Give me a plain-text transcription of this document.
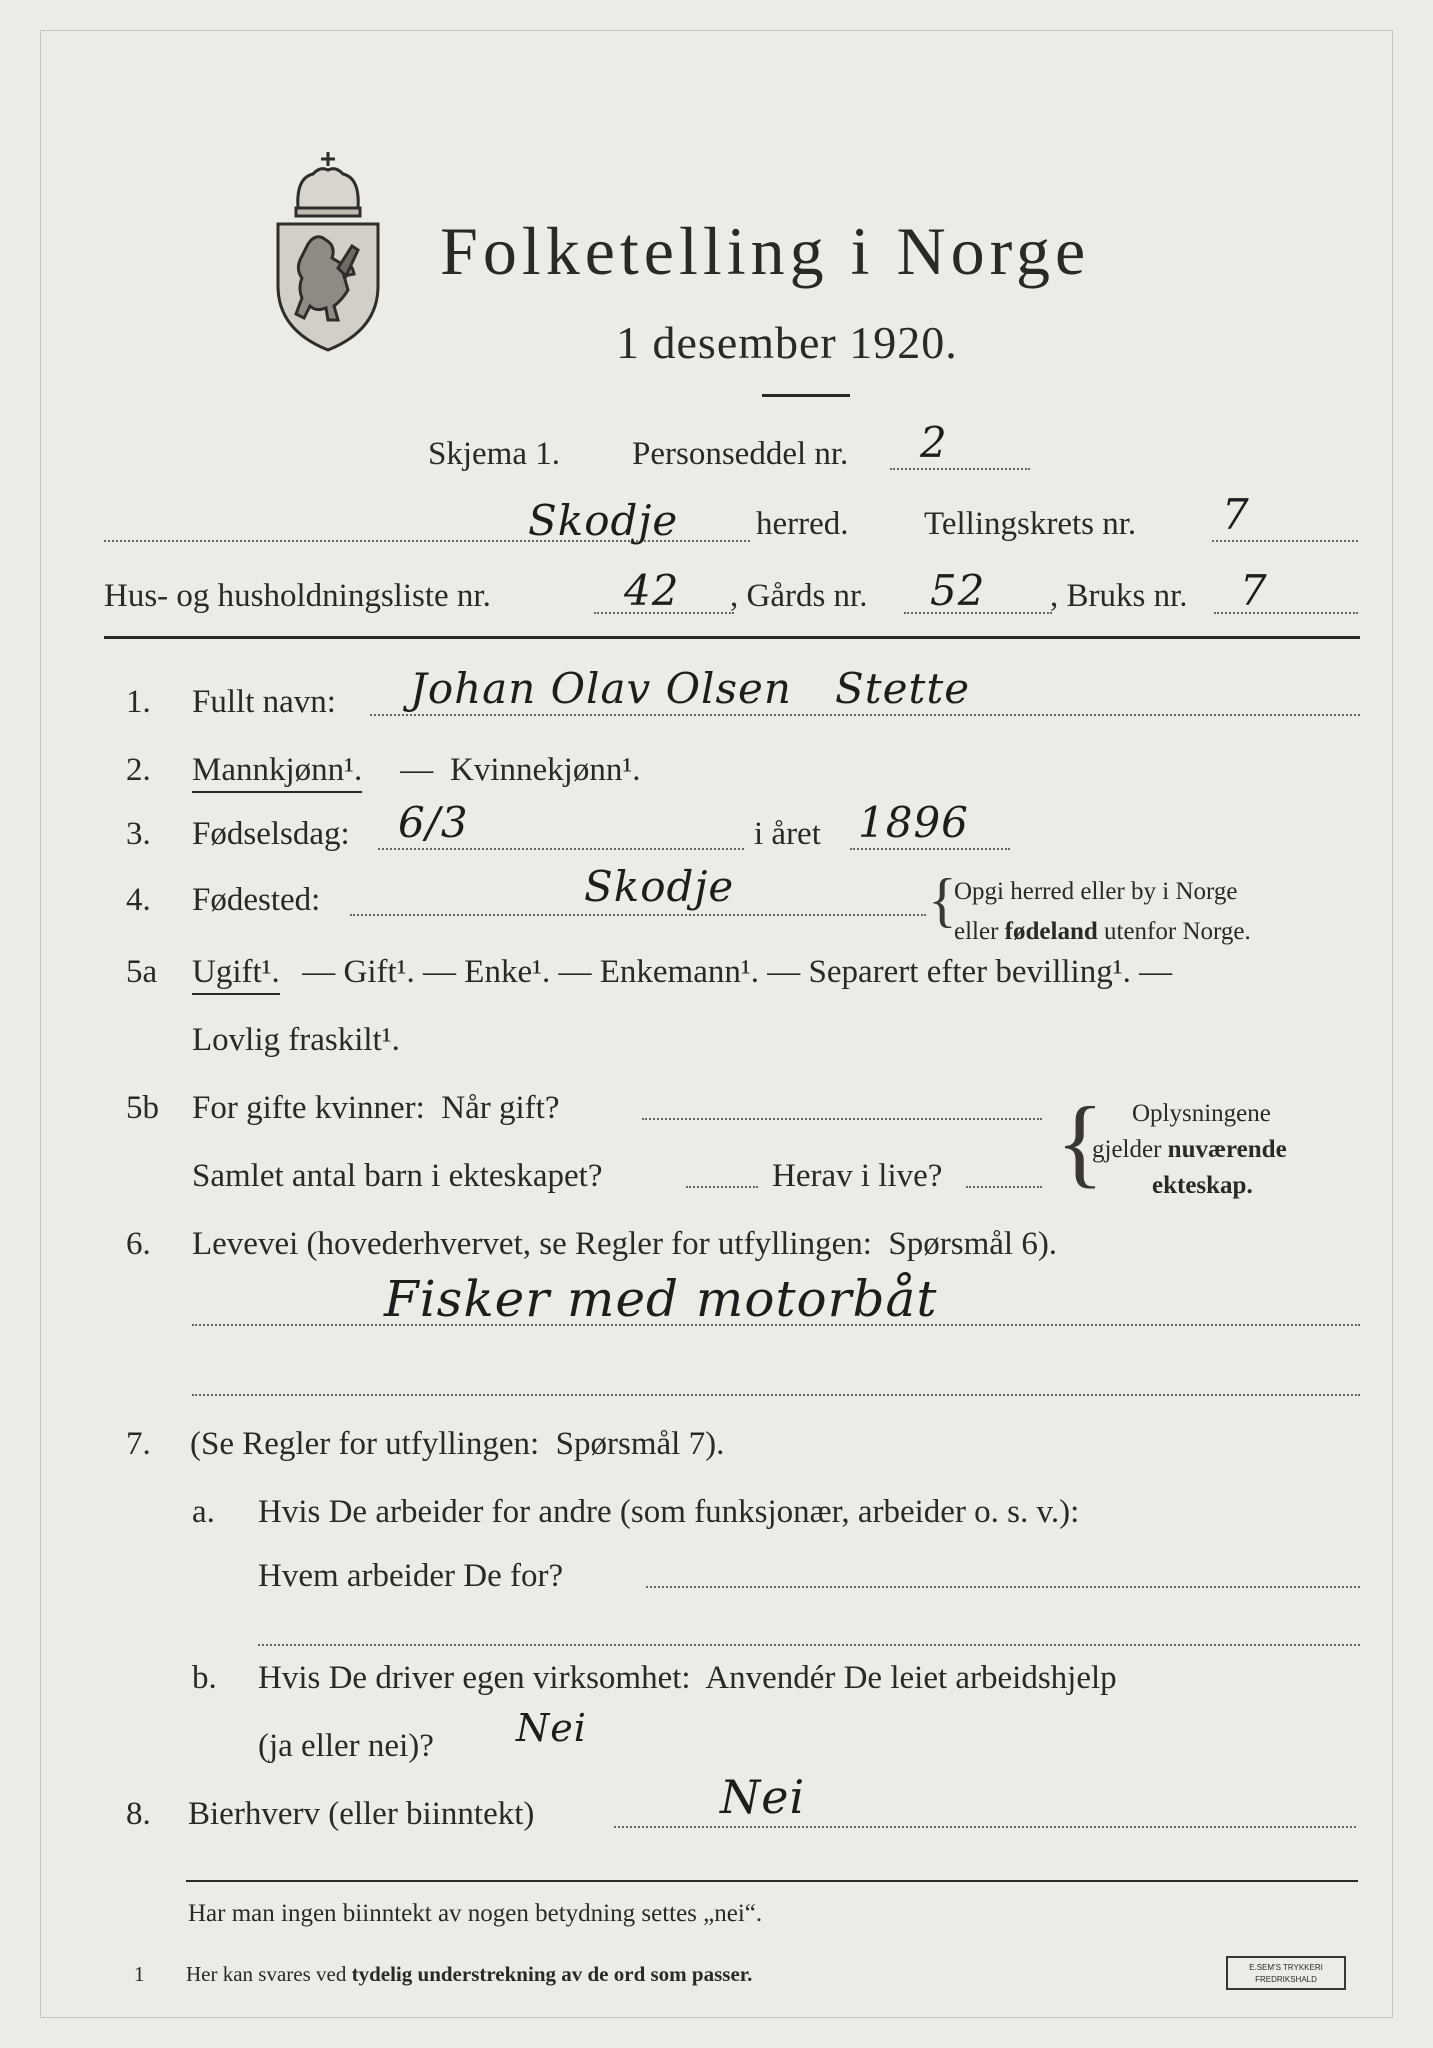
Folketelling i Norge
1 desember 1920.
Skjema 1. Personseddel nr. 2
Skodje herred. Tellingskrets nr. 7
Hus- og husholdningsliste nr.	42 , Gårds nr. 52 , Bruks nr. 7
1. Fullt navn: Johan Olav Olsen   Stette
2. Mannkjønn¹. — Kvinnekjønn¹.
3. Fødselsdag: 6/3	i året 1896
4. Fødested:	Skodje	{
Opgi herred eller by i Norge
eller fødeland utenfor Norge.
5a Ugift¹. — Gift¹. — Enke¹. — Enkemann¹. — Separert efter bevilling¹. —
Lovlig fraskilt¹.
5b For gifte kvinner:  Når gift?
Samlet antal barn i ekteskapet?	Herav i live? { Oplysningene
gjelder nuværende
ekteskap.
6. Levevei (hovederhvervet, se Regler for utfyllingen:  Spørsmål 6).
Fisker med motorbåt
7. (Se Regler for utfyllingen:  Spørsmål 7).
a. Hvis De arbeider for andre (som funksjonær, arbeider o. s. v.):
Hvem arbeider De for?
b. Hvis De driver egen virksomhet:  Anvendér De leiet arbeidshjelp
(ja eller nei)? Nei
8. Bierhverv (eller biinntekt)	Nei
Har man ingen biinntekt av nogen betydning settes „nei“.
1 Her kan svares ved tydelig understrekning av de ord som passer.	E.SEM'S TRYKKERI
FREDRIKSHALD
